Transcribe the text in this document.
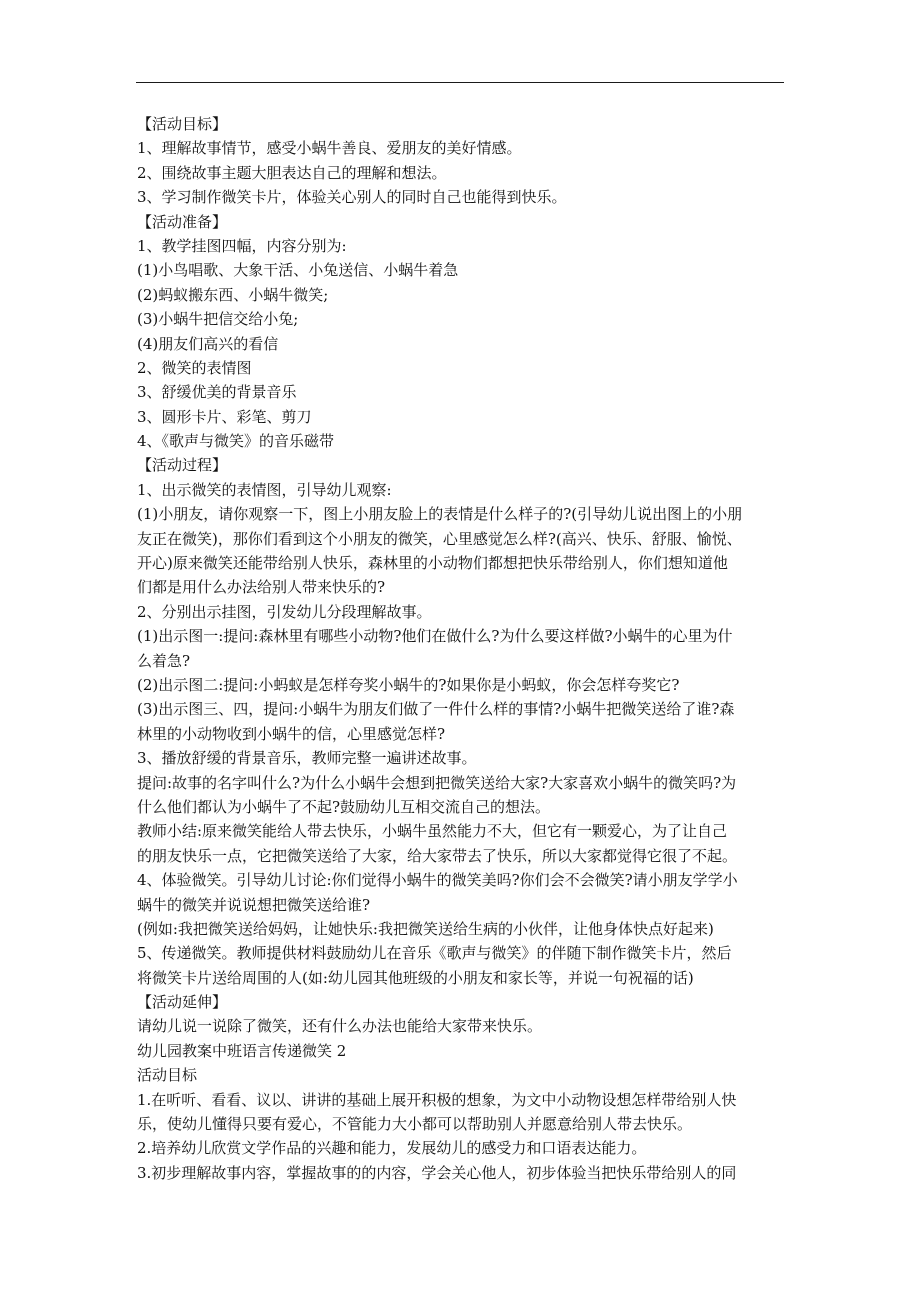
【活动目标】
1、理解故事情节，感受小蜗牛善良、爱朋友的美好情感。
2、围绕故事主题大胆表达自己的理解和想法。
3、学习制作微笑卡片，体验关心别人的同时自己也能得到快乐。
【活动准备】
1、教学挂图四幅，内容分别为:
(1)小鸟唱歌、大象干活、小兔送信、小蜗牛着急
(2)蚂蚁搬东西、小蜗牛微笑;
(3)小蜗牛把信交给小兔;
(4)朋友们高兴的看信
2、微笑的表情图
3、舒缓优美的背景音乐
3、圆形卡片、彩笔、剪刀
4、《歌声与微笑》的音乐磁带
【活动过程】
1、出示微笑的表情图，引导幼儿观察:
(1)小朋友，请你观察一下，图上小朋友脸上的表情是什么样子的?(引导幼儿说出图上的小朋
友正在微笑)，那你们看到这个小朋友的微笑，心里感觉怎么样?(高兴、快乐、舒服、愉悦、
开心)原来微笑还能带给别人快乐，森林里的小动物们都想把快乐带给别人，你们想知道他
们都是用什么办法给别人带来快乐的?
2、分别出示挂图，引发幼儿分段理解故事。
(1)出示图一:提问:森林里有哪些小动物?他们在做什么?为什么要这样做?小蜗牛的心里为什
么着急?
(2)出示图二:提问:小蚂蚁是怎样夸奖小蜗牛的?如果你是小蚂蚁，你会怎样夸奖它?
(3)出示图三、四，提问:小蜗牛为朋友们做了一件什么样的事情?小蜗牛把微笑送给了谁?森
林里的小动物收到小蜗牛的信，心里感觉怎样?
3、播放舒缓的背景音乐，教师完整一遍讲述故事。
提问:故事的名字叫什么?为什么小蜗牛会想到把微笑送给大家?大家喜欢小蜗牛的微笑吗?为
什么他们都认为小蜗牛了不起?鼓励幼儿互相交流自己的想法。
教师小结:原来微笑能给人带去快乐，小蜗牛虽然能力不大，但它有一颗爱心，为了让自己
的朋友快乐一点，它把微笑送给了大家，给大家带去了快乐，所以大家都觉得它很了不起。
4、体验微笑。引导幼儿讨论:你们觉得小蜗牛的微笑美吗?你们会不会微笑?请小朋友学学小
蜗牛的微笑并说说想把微笑送给谁?
(例如:我把微笑送给妈妈，让她快乐:我把微笑送给生病的小伙伴，让他身体快点好起来)
5、传递微笑。教师提供材料鼓励幼儿在音乐《歌声与微笑》的伴随下制作微笑卡片，然后
将微笑卡片送给周围的人(如:幼儿园其他班级的小朋友和家长等，并说一句祝福的话)
【活动延伸】
请幼儿说一说除了微笑，还有什么办法也能给大家带来快乐。
幼儿园教案中班语言传递微笑 2
活动目标
1.在听听、看看、议以、讲讲的基础上展开积极的想象，为文中小动物设想怎样带给别人快
乐，使幼儿懂得只要有爱心，不管能力大小都可以帮助别人并愿意给别人带去快乐。
2.培养幼儿欣赏文学作品的兴趣和能力，发展幼儿的感受力和口语表达能力。
3.初步理解故事内容，掌握故事的的内容，学会关心他人，初步体验当把快乐带给别人的同
